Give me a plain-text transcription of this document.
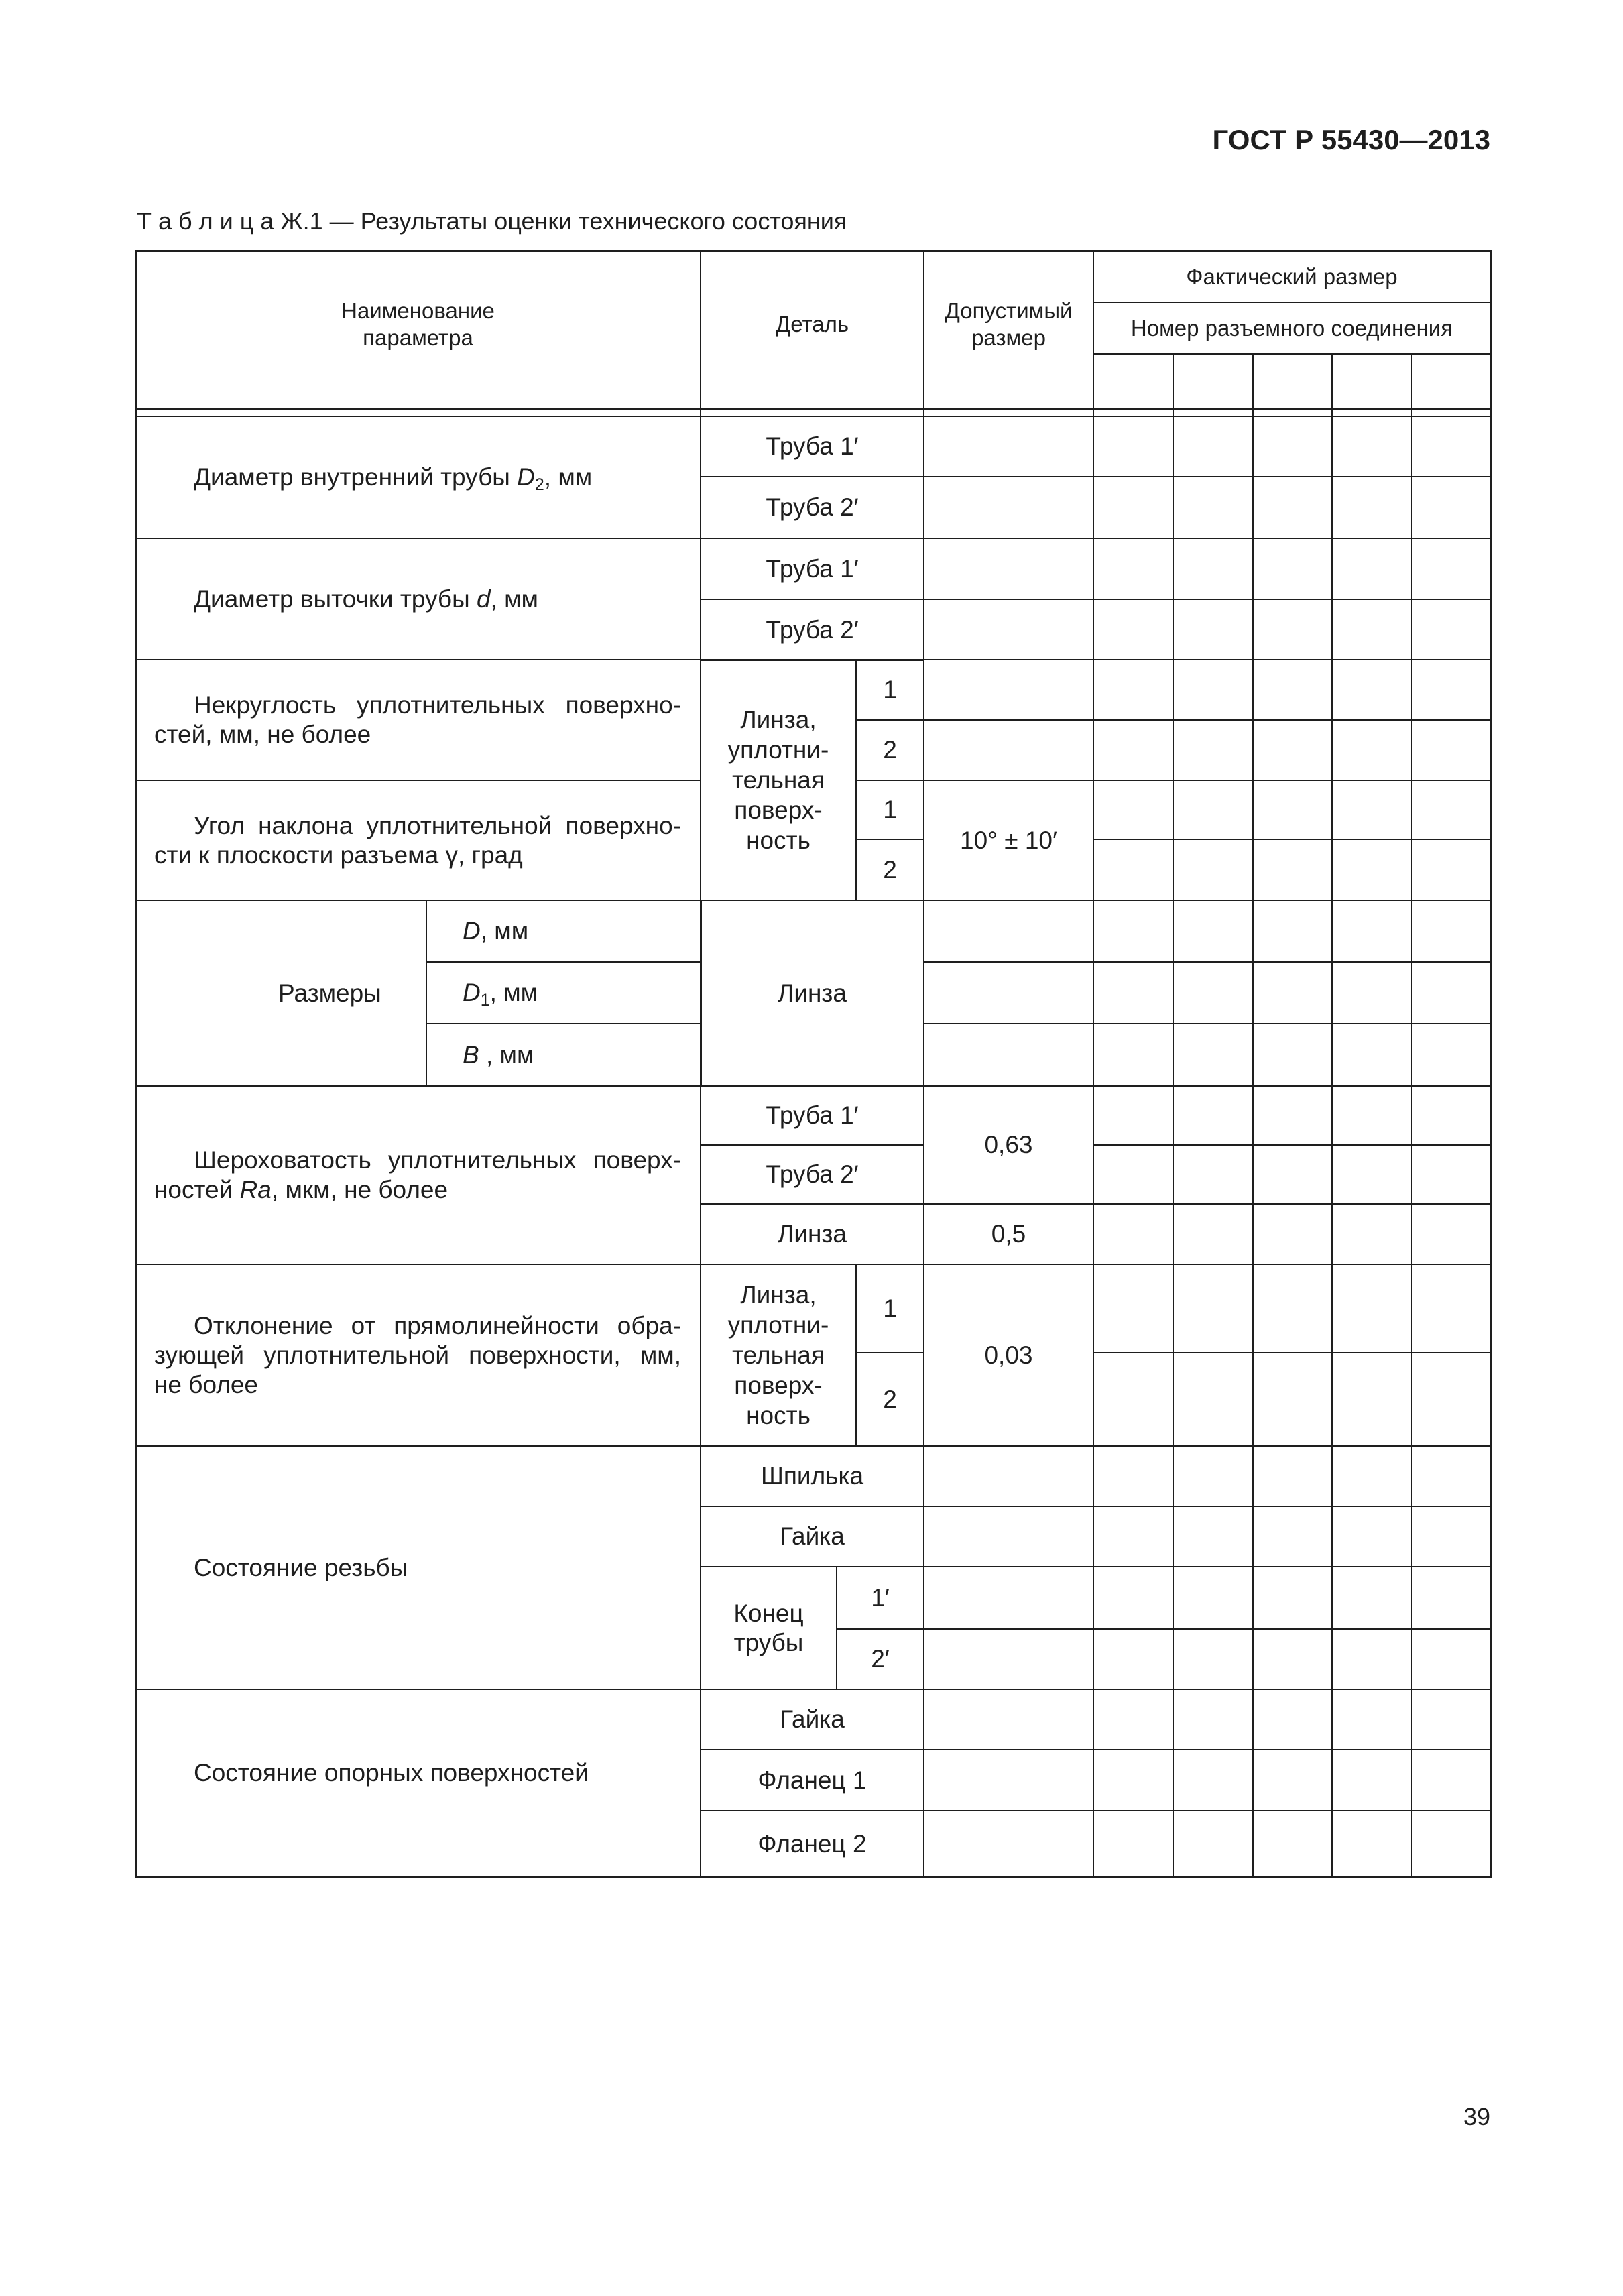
ГОСТ Р 55430—2013
Т а б л и ц а Ж.1 — Результаты оценки технического состояния
Наименование
параметра
Деталь
Допустимый
размер
Фактический размер
Номер разъемного соединения
Диаметр внутренний трубы $D_2$, мм
Диаметр выточки трубы d, мм
Некруглость уплотнительных поверхно-
стей, мм, не более
Угол наклона уплотнительной поверхно-
сти к плоскости разъема γ, град
Размеры
D, мм
$D_1$, мм
B , мм
Шероховатость уплотнительных поверх-
ностей Ra, мкм, не более
Отклонение от прямолинейности обра-
зующей уплотнительной поверхности, мм,
не более
Состояние резьбы
Состояние опорных поверхностей
Труба 1′
Труба 2′
Труба 1′
Труба 2′
Линза,
уплотни-
тельная
поверх-
ность
1
2
1
2
Линза
Труба 1′
Труба 2′
Линза
Линза,
уплотни-
тельная
поверх-
ность
1
2
Шпилька
Гайка
Конец
трубы
1′
2′
Гайка
Фланец 1
Фланец 2
10° ± 10′
0,63
0,5
0,03
39
